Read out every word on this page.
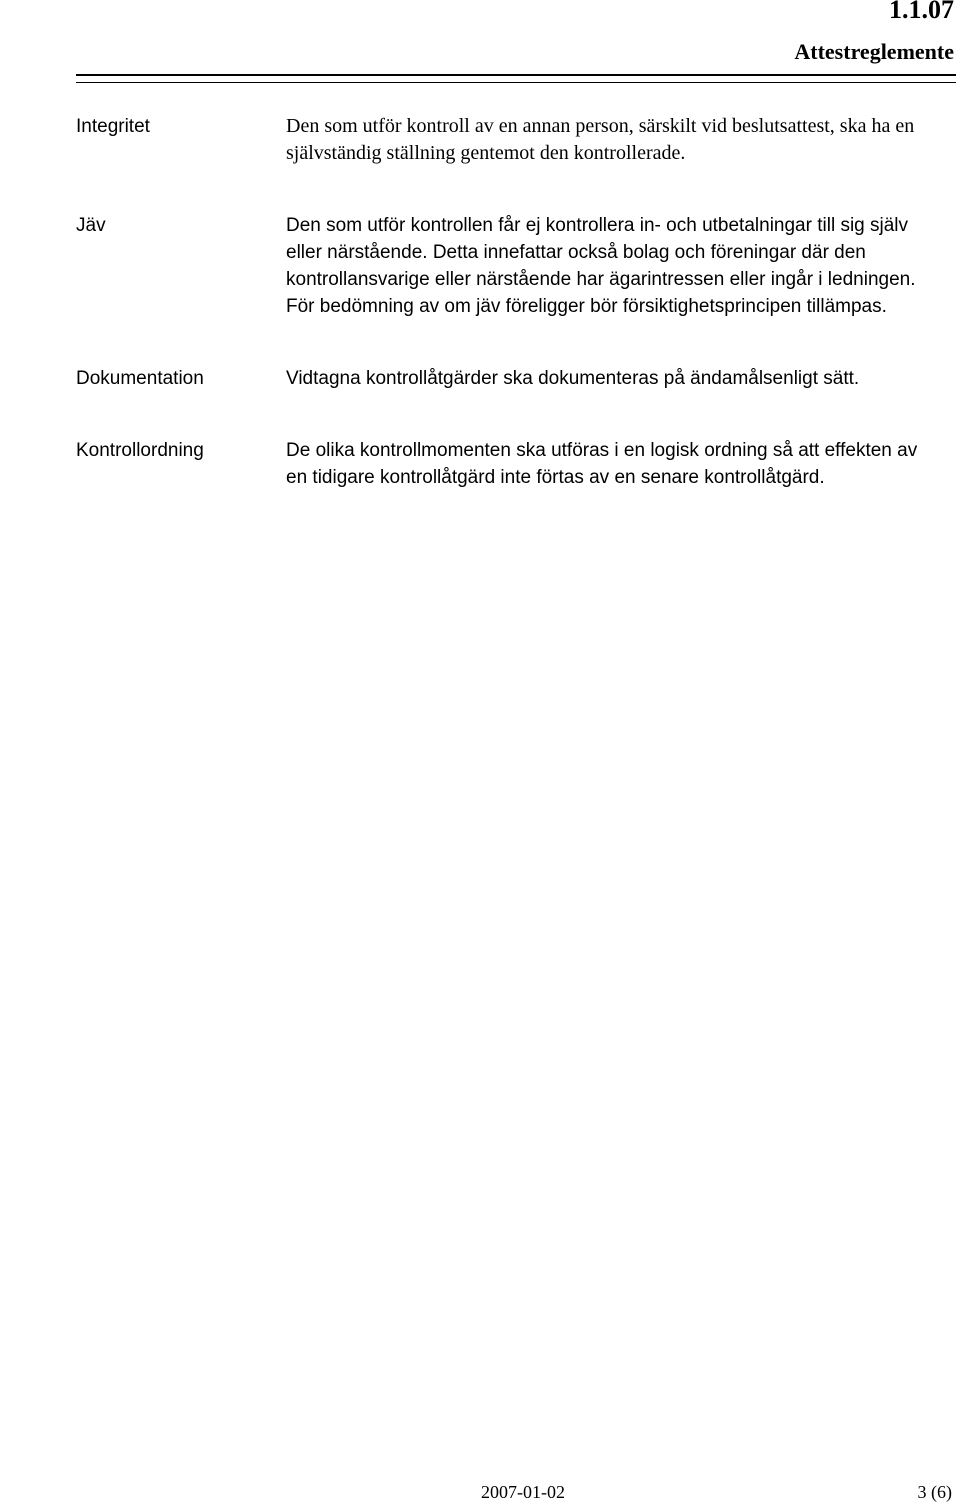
1.1.07
Attestreglemente

Integritet	Den som utför kontroll av en annan person, särskilt vid beslutsattest, ska ha en självständig ställning gentemot den kontrollerade.

Jäv	Den som utför kontrollen får ej kontrollera in- och utbetalningar till sig själv eller närstående. Detta innefattar också bolag och föreningar där den kontrollansvarige eller närstående har ägarintressen eller ingår i ledningen. För bedömning av om jäv föreligger bör försiktighetsprincipen tillämpas.

Dokumentation	Vidtagna kontrollåtgärder ska dokumenteras på ändamålsenligt sätt.

Kontrollordning	De olika kontrollmomenten ska utföras i en logisk ordning så att effekten av en tidigare kontrollåtgärd inte förtas av en senare kontrollåtgärd.

2007-01-02	3 (6)
